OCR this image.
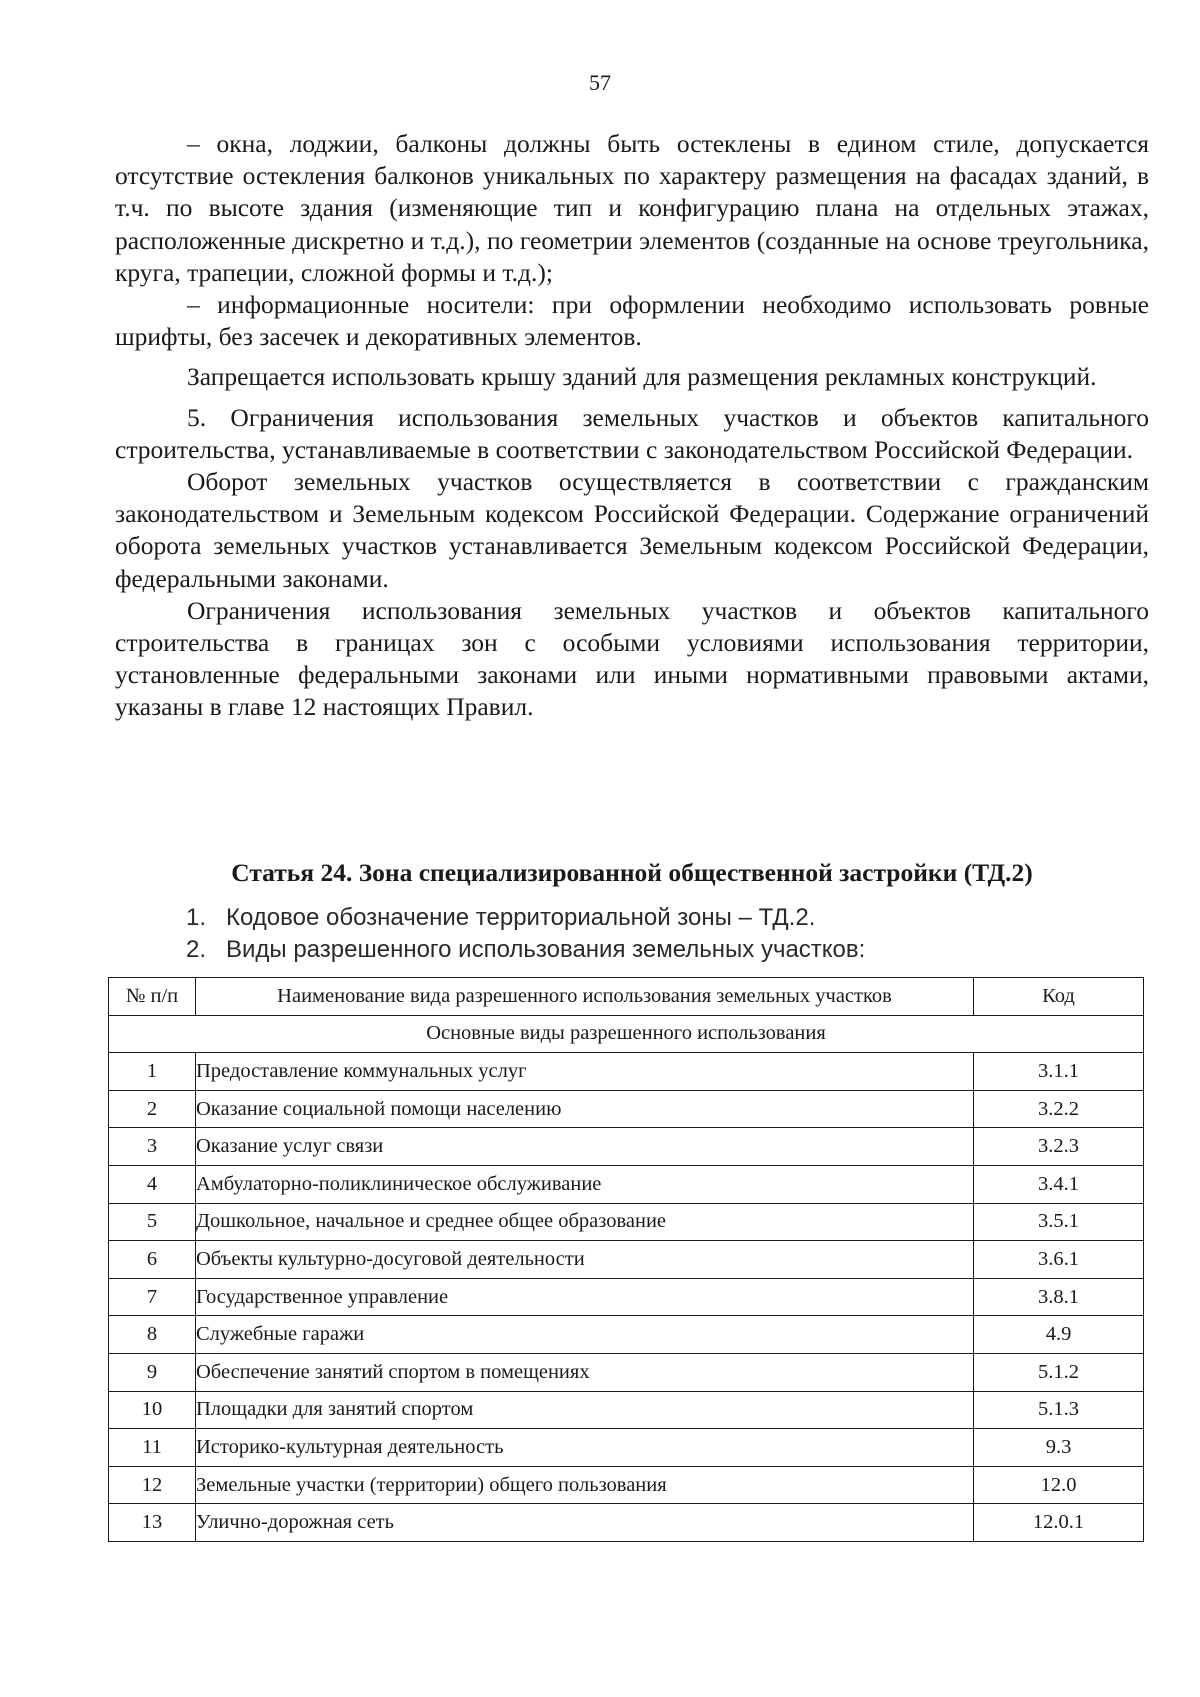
57

– окна, лоджии, балконы должны быть остеклены в едином стиле, допускается отсутствие остекления балконов уникальных по характеру размещения на фасадах зданий, в т.ч. по высоте здания (изменяющие тип и конфигурацию плана на отдельных этажах, расположенные дискретно и т.д.), по геометрии элементов (созданные на основе треугольника, круга, трапеции, сложной формы и т.д.);

– информационные носители: при оформлении необходимо использовать ровные шрифты, без засечек и декоративных элементов.

Запрещается использовать крышу зданий для размещения рекламных конструкций.

5. Ограничения использования земельных участков и объектов капитального строительства, устанавливаемые в соответствии с законодательством Российской Федерации.

Оборот земельных участков осуществляется в соответствии с гражданским законодательством и Земельным кодексом Российской Федерации. Содержание ограничений оборота земельных участков устанавливается Земельным кодексом Российской Федерации, федеральными законами.

Ограничения использования земельных участков и объектов капитального строительства в границах зон с особыми условиями использования территории, установленные федеральными законами или иными нормативными правовыми актами, указаны в главе 12 настоящих Правил.

Статья 24. Зона специализированной общественной застройки (ТД.2)
1. Кодовое обозначение территориальной зоны – ТД.2.
2. Виды разрешенного использования земельных участков:
№ п/п	Наименование вида разрешенного использования земельных участков	Код
Основные виды разрешенного использования		
1	Предоставление коммунальных услуг	3.1.1
2	Оказание социальной помощи населению	3.2.2
3	Оказание услуг связи	3.2.3
4	Амбулаторно-поликлиническое обслуживание	3.4.1
5	Дошкольное, начальное и среднее общее образование	3.5.1
6	Объекты культурно-досуговой деятельности	3.6.1
7	Государственное управление	3.8.1
8	Служебные гаражи	4.9
9	Обеспечение занятий спортом в помещениях	5.1.2
10	Площадки для занятий спортом	5.1.3
11	Историко-культурная деятельность	9.3
12	Земельные участки (территории) общего пользования	12.0
13	Улично-дорожная сеть	12.0.1
